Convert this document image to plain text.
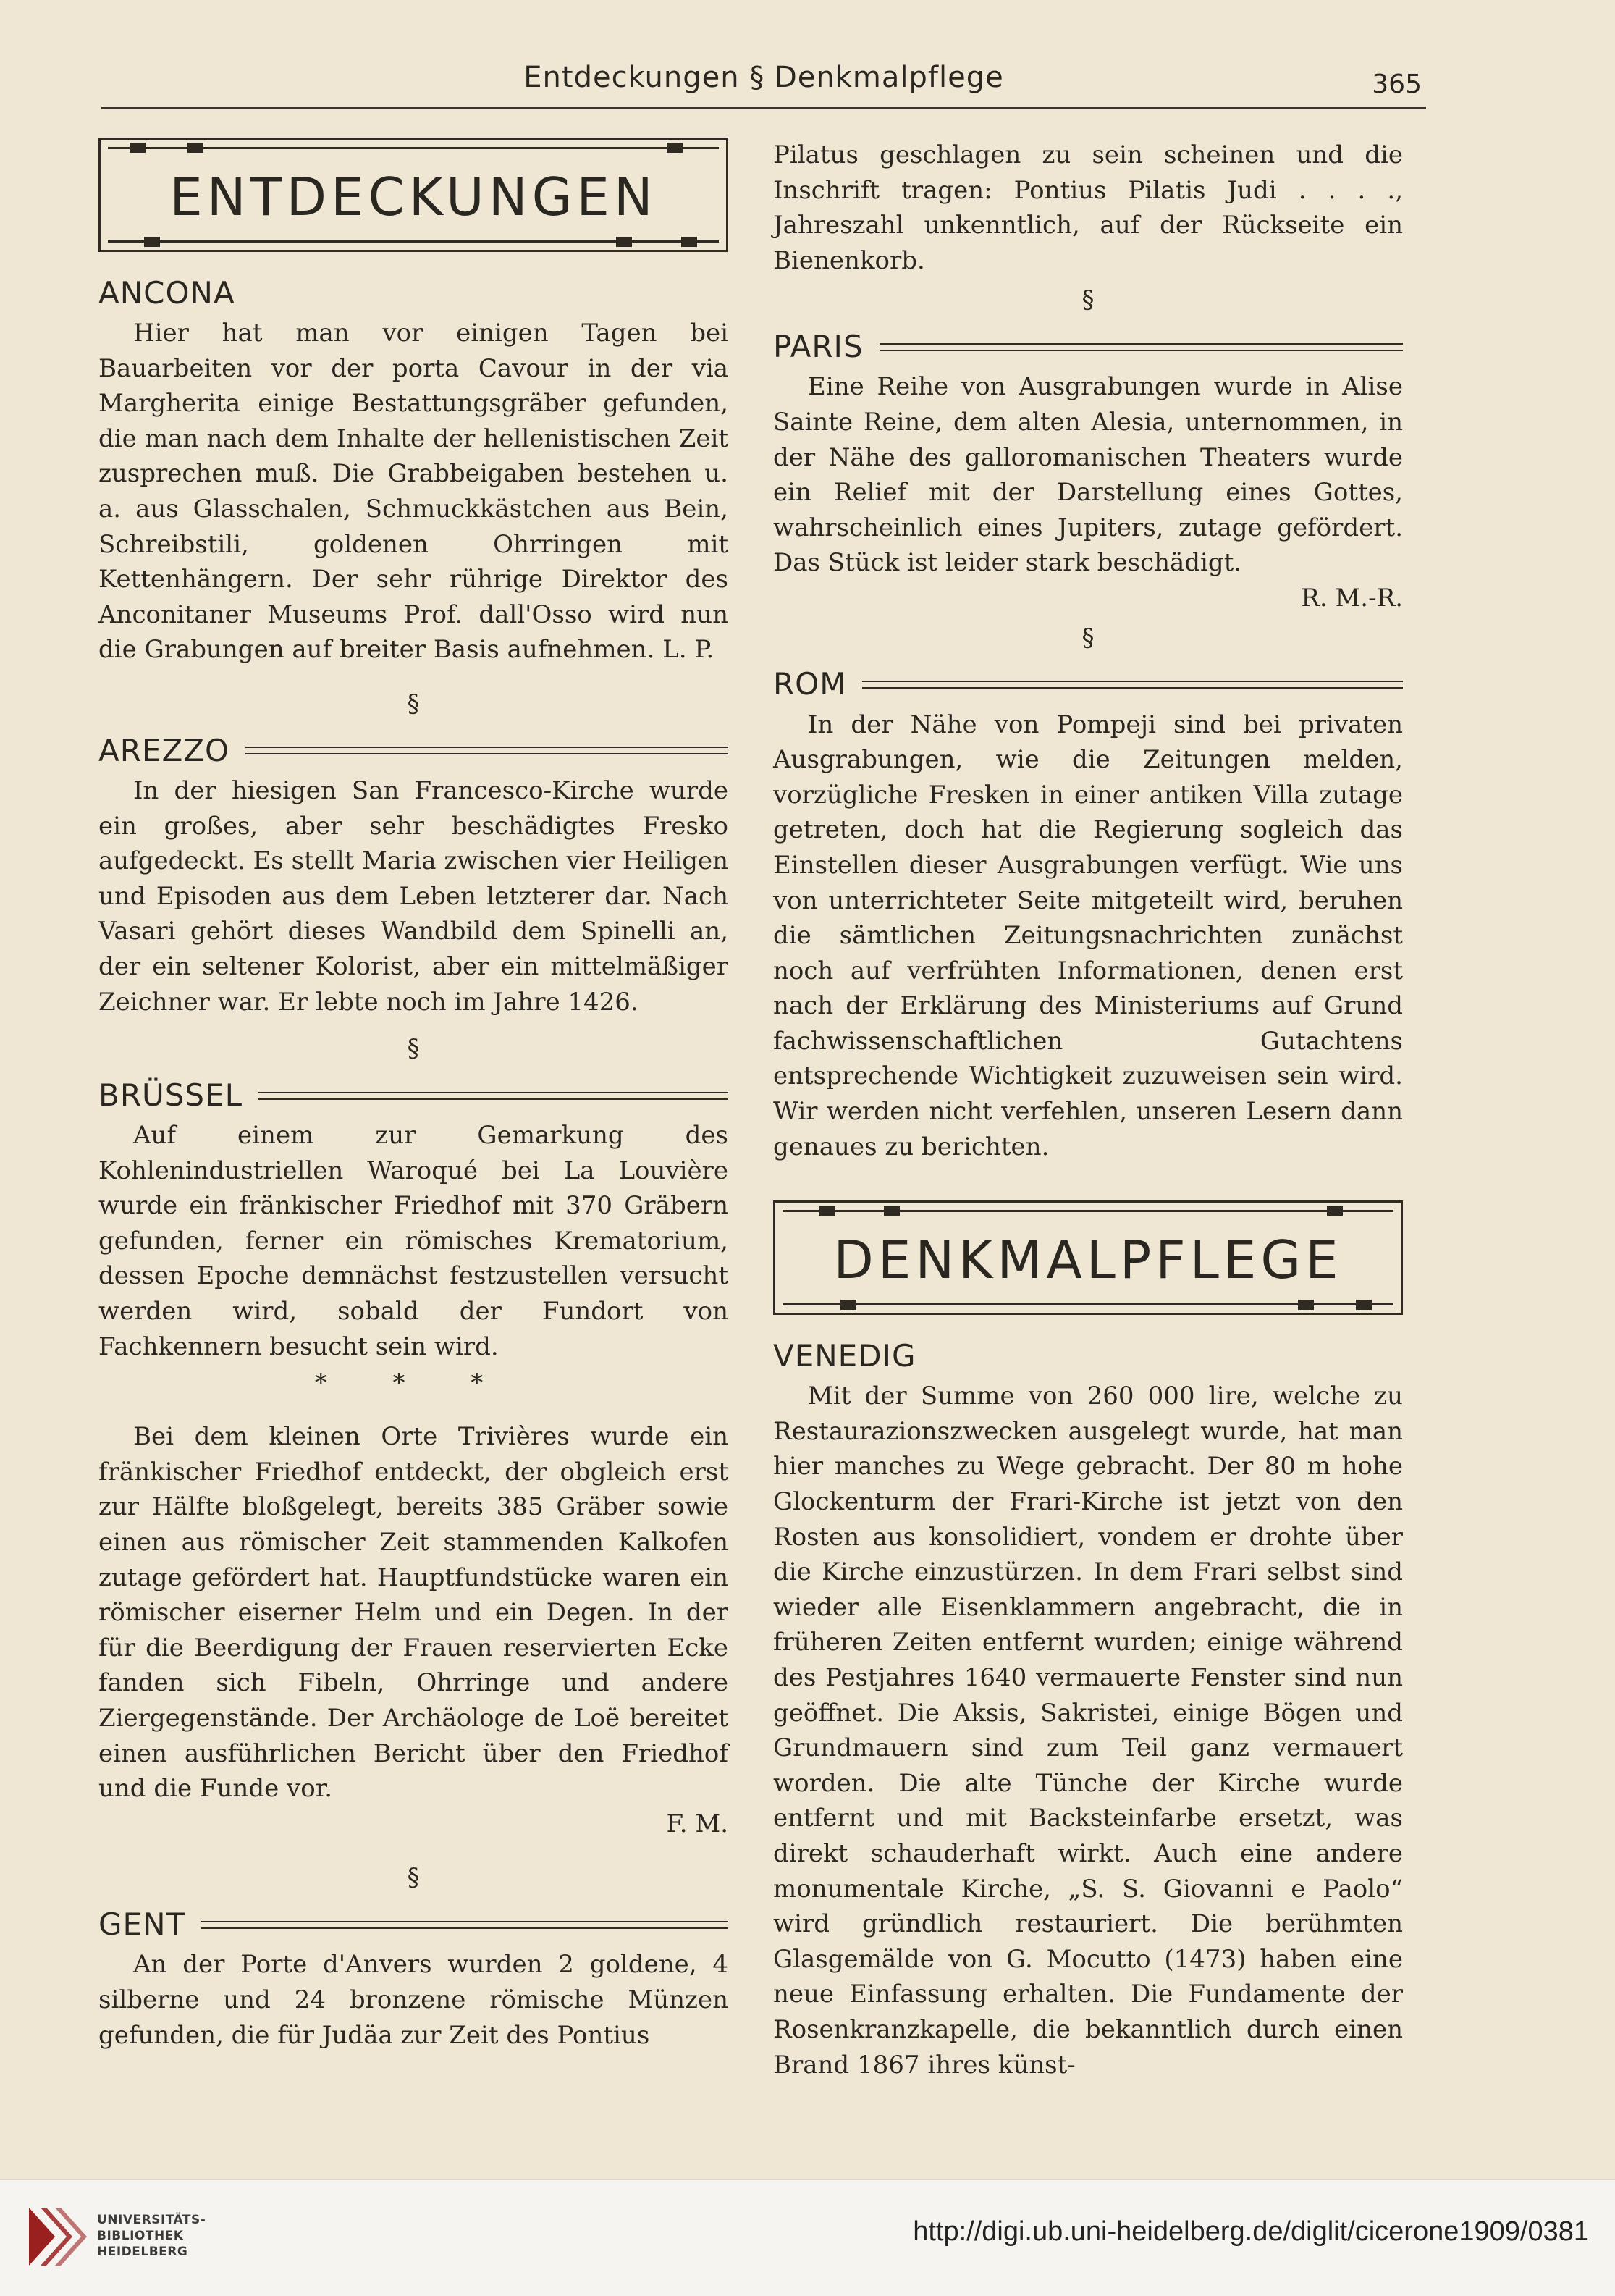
Entdeckungen § Denkmalpflege	365
ENTDECKUNGEN
ANCONA

Hier hat man vor einigen Tagen bei Bauarbeiten vor der porta Cavour in der via Margherita einige Bestattungsgräber gefunden, die man nach dem Inhalte der hellenistischen Zeit zusprechen muß. Die Grabbeigaben bestehen u. a. aus Glasschalen, Schmuckkästchen aus Bein, Schreibstili, goldenen Ohrringen mit Kettenhängern. Der sehr rührige Direktor des Anconitaner Museums Prof. dall'Osso wird nun die Grabungen auf breiter Basis aufnehmen. L. P.

§
AREZZO

In der hiesigen San Francesco-Kirche wurde ein großes, aber sehr beschädigtes Fresko aufgedeckt. Es stellt Maria zwischen vier Heiligen und Episoden aus dem Leben letzterer dar. Nach Vasari gehört dieses Wandbild dem Spinelli an, der ein seltener Kolorist, aber ein mittelmäßiger Zeichner war. Er lebte noch im Jahre 1426.

§
BRÜSSEL

Auf einem zur Gemarkung des Kohlenindustriellen Waroqué bei La Louvière wurde ein fränkischer Friedhof mit 370 Gräbern gefunden, ferner ein römisches Krematorium, dessen Epoche demnächst festzustellen versucht werden wird, sobald der Fundort von Fachkennern besucht sein wird.

* * *

Bei dem kleinen Orte Trivières wurde ein fränkischer Friedhof entdeckt, der obgleich erst zur Hälfte bloßgelegt, bereits 385 Gräber sowie einen aus römischer Zeit stammenden Kalkofen zutage gefördert hat. Hauptfundstücke waren ein römischer eiserner Helm und ein Degen. In der für die Beerdigung der Frauen reservierten Ecke fanden sich Fibeln, Ohrringe und andere Ziergegenstände. Der Archäologe de Loë bereitet einen ausführlichen Bericht über den Friedhof und die Funde vor.

F. M.
§
GENT

An der Porte d'Anvers wurden 2 goldene, 4 silberne und 24 bronzene römische Münzen gefunden, die für Judäa zur Zeit des Pontius

Pilatus geschlagen zu sein scheinen und die Inschrift tragen: Pontius Pilatis Judi . . . ., Jahreszahl unkenntlich, auf der Rückseite ein Bienenkorb.

§
PARIS

Eine Reihe von Ausgrabungen wurde in Alise Sainte Reine, dem alten Alesia, unternommen, in der Nähe des galloromanischen Theaters wurde ein Relief mit der Darstellung eines Gottes, wahrscheinlich eines Jupiters, zutage gefördert. Das Stück ist leider stark beschädigt.

R. M.-R.
§
ROM

In der Nähe von Pompeji sind bei privaten Ausgrabungen, wie die Zeitungen melden, vorzügliche Fresken in einer antiken Villa zutage getreten, doch hat die Regierung sogleich das Einstellen dieser Ausgrabungen verfügt. Wie uns von unterrichteter Seite mitgeteilt wird, beruhen die sämtlichen Zeitungsnachrichten zunächst noch auf verfrühten Informationen, denen erst nach der Erklärung des Ministeriums auf Grund fachwissenschaftlichen Gutachtens entsprechende Wichtigkeit zuzuweisen sein wird. Wir werden nicht verfehlen, unseren Lesern dann genaues zu berichten.

DENKMALPFLEGE
VENEDIG

Mit der Summe von 260 000 lire, welche zu Restaurazionszwecken ausgelegt wurde, hat man hier manches zu Wege gebracht. Der 80 m hohe Glockenturm der Frari-Kirche ist jetzt von den Rosten aus konsolidiert, vondem er drohte über die Kirche einzustürzen. In dem Frari selbst sind wieder alle Eisenklammern angebracht, die in früheren Zeiten entfernt wurden; einige während des Pestjahres 1640 vermauerte Fenster sind nun geöffnet. Die Aksis, Sakristei, einige Bögen und Grundmauern sind zum Teil ganz vermauert worden. Die alte Tünche der Kirche wurde entfernt und mit Backsteinfarbe ersetzt, was direkt schauderhaft wirkt. Auch eine andere monumentale Kirche, „S. S. Giovanni e Paolo“ wird gründlich restauriert. Die berühmten Glasgemälde von G. Mocutto (1473) haben eine neue Einfassung erhalten. Die Fundamente der Rosenkranzkapelle, die bekanntlich durch einen Brand 1867 ihres künst-

UNIVERSITÄTS-
BIBLIOTHEK
HEIDELBERG
http://digi.ub.uni-heidelberg.de/diglit/cicerone1909/0381
